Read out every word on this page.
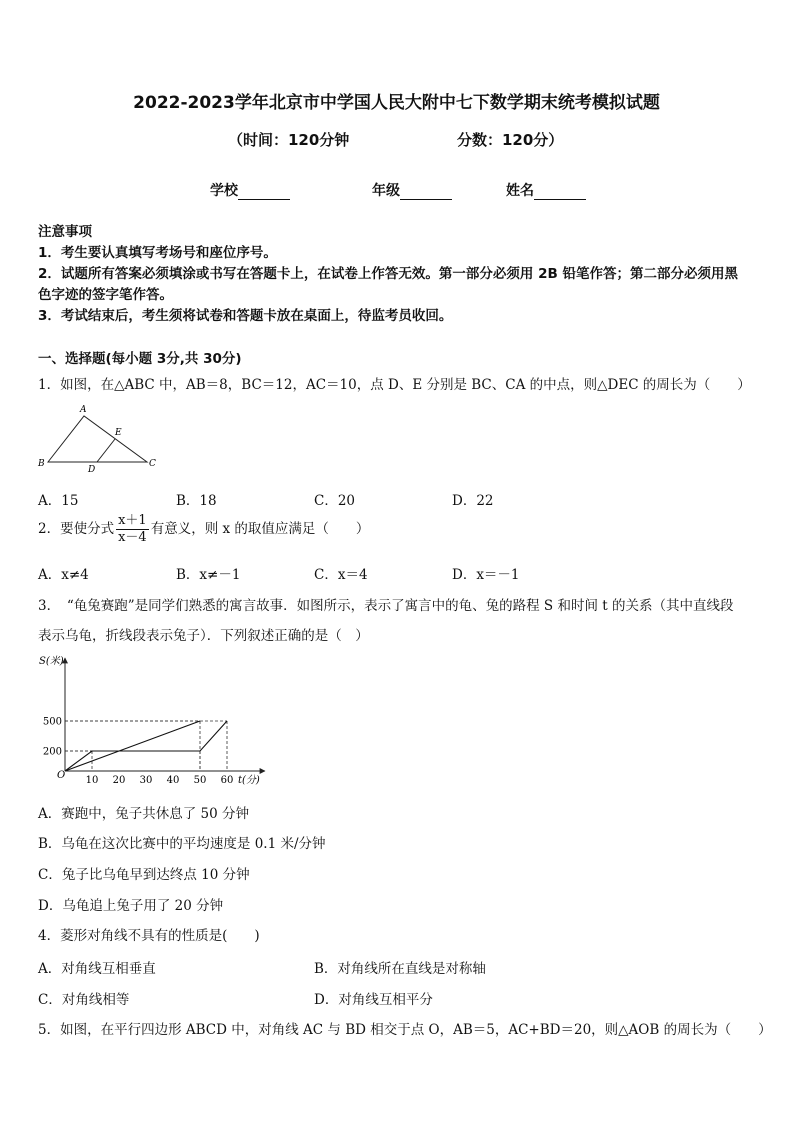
2022-2023学年北京市中学国人民大附中七下数学期末统考模拟试题
（时间：120分钟	分数：120分）
学校	年级	姓名
注意事项
1．考生要认真填写考场号和座位序号。
2．试题所有答案必须填涂或书写在答题卡上，在试卷上作答无效。第一部分必须用 2B 铅笔作答；第二部分必须用黑
色字迹的签字笔作答。
3．考试结束后，考生须将试卷和答题卡放在桌面上，待监考员收回。
一、选择题(每小题 3分,共 30分)
1．如图，在△ABC 中，AB＝8，BC＝12，AC＝10，点 D、E 分别是 BC、CA 的中点，则△DEC 的周长为（　　）
A
B	C
D
E
A．15	B．18	C．20	D．22
2．要使分式 $\frac{x+1}{x-4}$ 有意义，则 x 的取值应满足（　　）
A．x≠4	B．x≠－1	C．x＝4	D．x＝－1
3．　“龟兔赛跑”是同学们熟悉的寓言故事．如图所示，表示了寓言中的龟、兔的路程 S 和时间 t 的关系（其中直线段
表示乌龟，折线段表示兔子）．下列叙述正确的是（　）
10 20 30 40 50 60
200
500
S(米)
t(分)
O
A．赛跑中，兔子共休息了 50 分钟
B．乌龟在这次比赛中的平均速度是 0.1 米/分钟
C．兔子比乌龟早到达终点 10 分钟
D．乌龟追上兔子用了 20 分钟
4．菱形对角线不具有的性质是(　　)
A．对角线互相垂直	B．对角线所在直线是对称轴
C．对角线相等	D．对角线互相平分
5．如图，在平行四边形 ABCD 中，对角线 AC 与 BD 相交于点 O，AB＝5，AC+BD＝20，则△AOB 的周长为（　　）
